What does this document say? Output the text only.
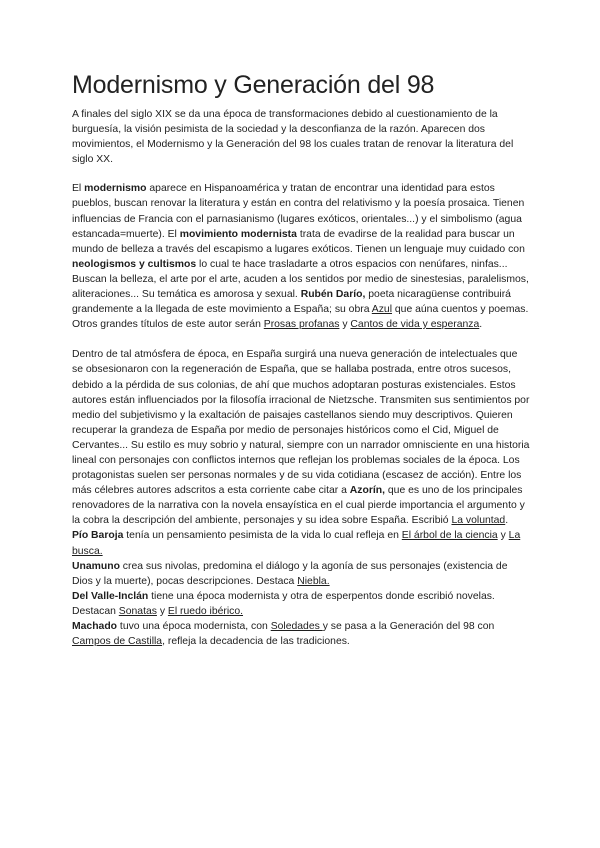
Modernismo y Generación del 98

A finales del siglo XIX se da una época de transformaciones debido al cuestionamiento de la burguesía, la visión pesimista de la sociedad y la desconfianza de la razón. Aparecen dos movimientos, el Modernismo y la Generación del 98 los cuales tratan de renovar la literatura del siglo XX.

El modernismo aparece en Hispanoamérica y tratan de encontrar una identidad para estos pueblos, buscan renovar la literatura y están en contra del relativismo y la poesía prosaica. Tienen influencias de Francia con el parnasianismo (lugares exóticos, orientales...) y el simbolismo (agua estancada=muerte). El movimiento modernista trata de evadirse de la realidad para buscar un mundo de belleza a través del escapismo a lugares exóticos. Tienen un lenguaje muy cuidado con neologismos y cultismos lo cual te hace trasladarte a otros espacios con nenúfares, ninfas... Buscan la belleza, el arte por el arte, acuden a los sentidos por medio de sinestesias, paralelismos, aliteraciones... Su temática es amorosa y sexual. Rubén Darío, poeta nicaragüense contribuirá grandemente a la llegada de este movimiento a España; su obra Azul que aúna cuentos y poemas. Otros grandes títulos de este autor serán Prosas profanas y Cantos de vida y esperanza.

Dentro de tal atmósfera de época, en España surgirá una nueva generación de intelectuales que se obsesionaron con la regeneración de España, que se hallaba postrada, entre otros sucesos, debido a la pérdida de sus colonias, de ahí que muchos adoptaran posturas existenciales. Estos autores están influenciados por la filosofía irracional de Nietzsche. Transmiten sus sentimientos por medio del subjetivismo y la exaltación de paisajes castellanos siendo muy descriptivos. Quieren recuperar la grandeza de España por medio de personajes históricos como el Cid, Miguel de Cervantes... Su estilo es muy sobrio y natural, siempre con un narrador omnisciente en una historia lineal con personajes con conflictos internos que reflejan los problemas sociales de la época. Los protagonistas suelen ser personas normales y de su vida cotidiana (escasez de acción). Entre los más célebres autores adscritos a esta corriente cabe citar a Azorín, que es uno de los principales renovadores de la narrativa con la novela ensayística en el cual pierde importancia el argumento y la cobra la descripción del ambiente, personajes y su idea sobre España. Escribió La voluntad.

Pío Baroja tenía un pensamiento pesimista de la vida lo cual refleja en El árbol de la ciencia y La busca.

Unamuno crea sus nivolas, predomina el diálogo y la agonía de sus personajes (existencia de Dios y la muerte), pocas descripciones. Destaca Niebla.

Del Valle-Inclán tiene una época modernista y otra de esperpentos donde escribió novelas. Destacan Sonatas y El ruedo ibérico.

Machado tuvo una época modernista, con Soledades y se pasa a la Generación del 98 con Campos de Castilla, refleja la decadencia de las tradiciones.
